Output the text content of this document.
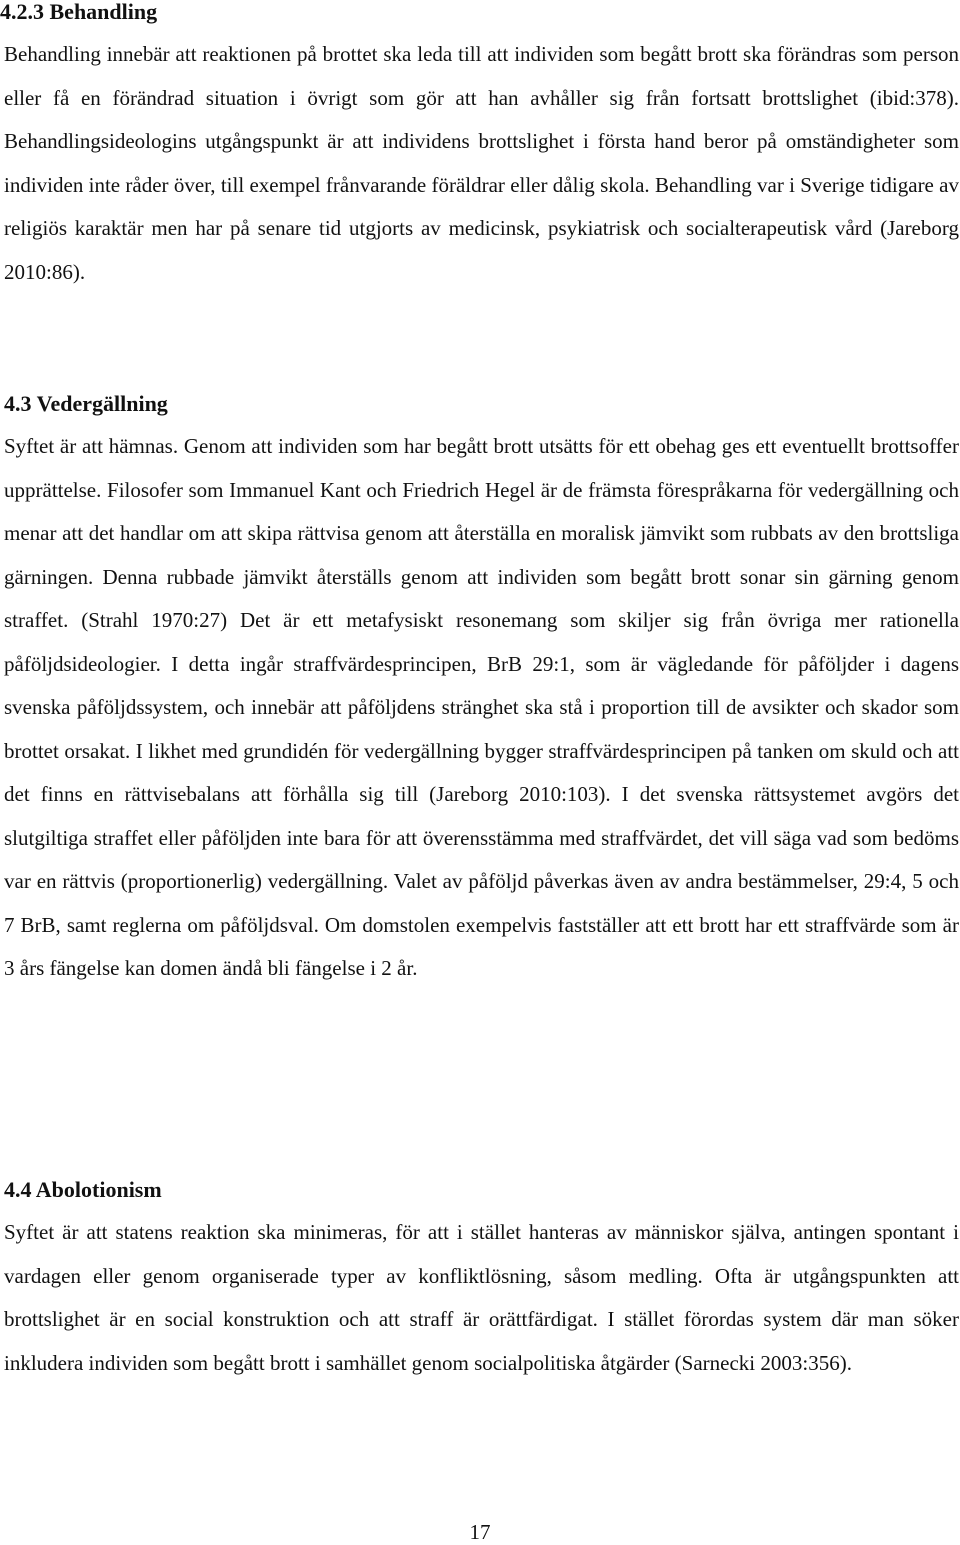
4.2.3 Behandling

Behandling innebär att reaktionen på brottet ska leda till att individen som begått brott ska förändras som person eller få en förändrad situation i övrigt som gör att han avhåller sig från fortsatt brottslighet (ibid:378). Behandlingsideologins utgångspunkt är att individens brottslighet i första hand beror på omständigheter som individen inte råder över, till exempel frånvarande föräldrar eller dålig skola. Behandling var i Sverige tidigare av religiös karaktär men har på senare tid utgjorts av medicinsk, psykiatrisk och socialterapeutisk vård (Jareborg 2010:86).

4.3 Vedergällning

Syftet är att hämnas. Genom att individen som har begått brott utsätts för ett obehag ges ett eventuellt brottsoffer upprättelse. Filosofer som Immanuel Kant och Friedrich Hegel är de främsta förespråkarna för vedergällning och menar att det handlar om att skipa rättvisa genom att återställa en moralisk jämvikt som rubbats av den brottsliga gärningen. Denna rubbade jämvikt återställs genom att individen som begått brott sonar sin gärning genom straffet. (Strahl 1970:27) Det är ett metafysiskt resonemang som skiljer sig från övriga mer rationella påföljdsideologier. I detta ingår straffvärdesprincipen, BrB 29:1, som är vägledande för påföljder i dagens svenska påföljdssystem, och innebär att påföljdens stränghet ska stå i proportion till de avsikter och skador som brottet orsakat. I likhet med grundidén för vedergällning bygger straffvärdesprincipen på tanken om skuld och att det finns en rättvisebalans att förhålla sig till (Jareborg 2010:103). I det svenska rättsystemet avgörs det slutgiltiga straffet eller påföljden inte bara för att överensstämma med straffvärdet, det vill säga vad som bedöms var en rättvis (proportionerlig) vedergällning. Valet av påföljd påverkas även av andra bestämmelser, 29:4, 5 och 7 BrB, samt reglerna om påföljdsval. Om domstolen exempelvis fastställer att ett brott har ett straffvärde som är 3 års fängelse kan domen ändå bli fängelse i 2 år.

4.4 Abolotionism

Syftet är att statens reaktion ska minimeras, för att i stället hanteras av människor själva, antingen spontant i vardagen eller genom organiserade typer av konfliktlösning, såsom medling. Ofta är utgångspunkten att brottslighet är en social konstruktion och att straff är orättfärdigat. I stället förordas system där man söker inkludera individen som begått brott i samhället genom socialpolitiska åtgärder (Sarnecki 2003:356).

17
